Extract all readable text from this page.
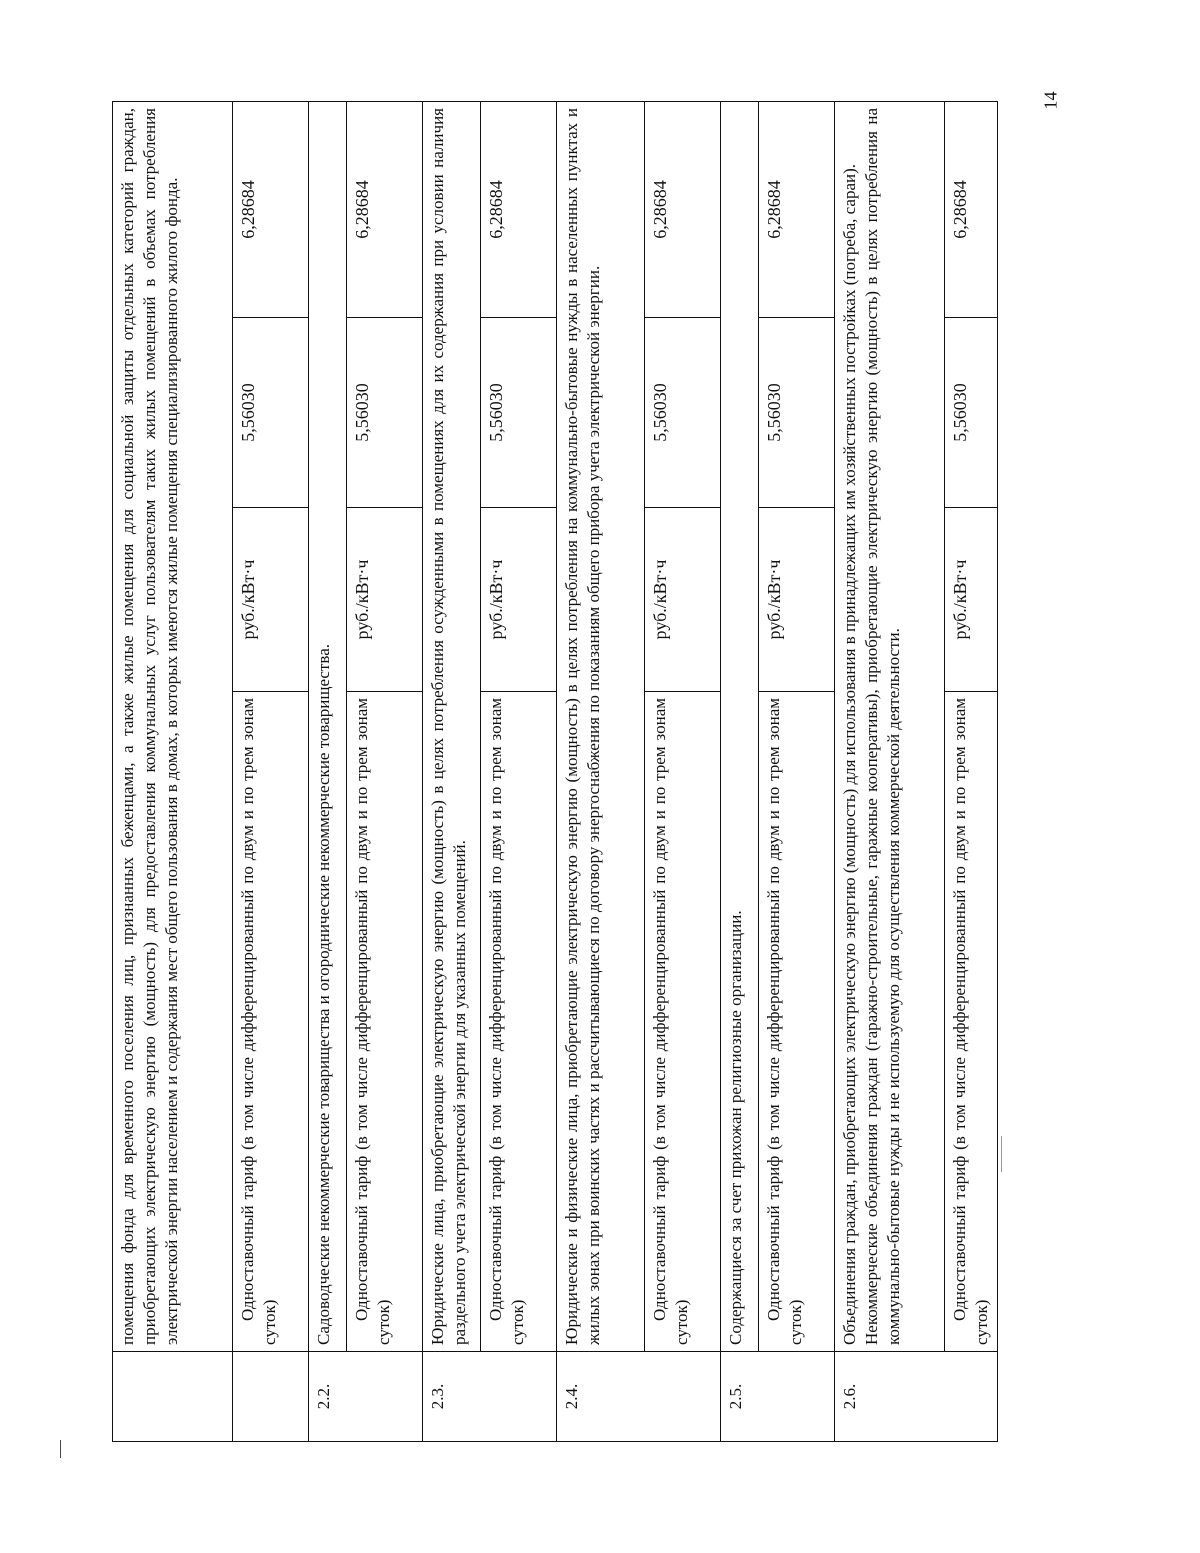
14
	помещения фонда для временного поселения лиц, признанных беженцами, а также жилые помещения для социальной защиты отдельных категорий граждан, приобретающих электрическую энергию (мощность) для предоставления коммунальных услуг пользователям таких жилых помещений в объемах потребления электрической энергии населением и содержания мест общего пользования в домах, в которых имеются жилые помещения специализированного жилого фонда.			
	Одноставочный тариф (в том числе дифференцированный по двум и по трем зонам суток)	руб./кВт·ч	5,56030	6,28684
2.2.	Садоводческие некоммерческие товарищества и огороднические некоммерческие товарищества.			
	Одноставочный тариф (в том числе дифференцированный по двум и по трем зонам суток)	руб./кВт·ч	5,56030	6,28684
2.3.	Юридические лица, приобретающие электрическую энергию (мощность) в целях потребления осужденными в помещениях для их содержания при условии наличия раздельного учета электрической энергии для указанных помещений.			
	Одноставочный тариф (в том числе дифференцированный по двум и по трем зонам суток)	руб./кВт·ч	5,56030	6,28684
2.4.	Юридические и физические лица, приобретающие электрическую энергию (мощность) в целях потребления на коммунально-бытовые нужды в населенных пунктах и жилых зонах при воинских частях и рассчитывающиеся по договору энергоснабжения по показаниям общего прибора учета электрической энергии.			
	Одноставочный тариф (в том числе дифференцированный по двум и по трем зонам суток)	руб./кВт·ч	5,56030	6,28684
2.5.	Содержащиеся за счет прихожан религиозные организации.			
	Одноставочный тариф (в том числе дифференцированный по двум и по трем зонам суток)	руб./кВт·ч	5,56030	6,28684
2.6.	Объединения граждан, приобретающих электрическую энергию (мощность) для использования в принадлежащих им хозяйственных постройках (погреба, сараи). Некоммерческие объединения граждан (гаражно-строительные, гаражные кооперативы), приобретающие электрическую энергию (мощность) в целях потребления на коммунально-бытовые нужды и не используемую для осуществления коммерческой деятельности.			

	Одноставочный тариф (в том числе дифференцированный по двум и по трем зонам суток)	руб./кВт·ч	5,56030	6,28684
